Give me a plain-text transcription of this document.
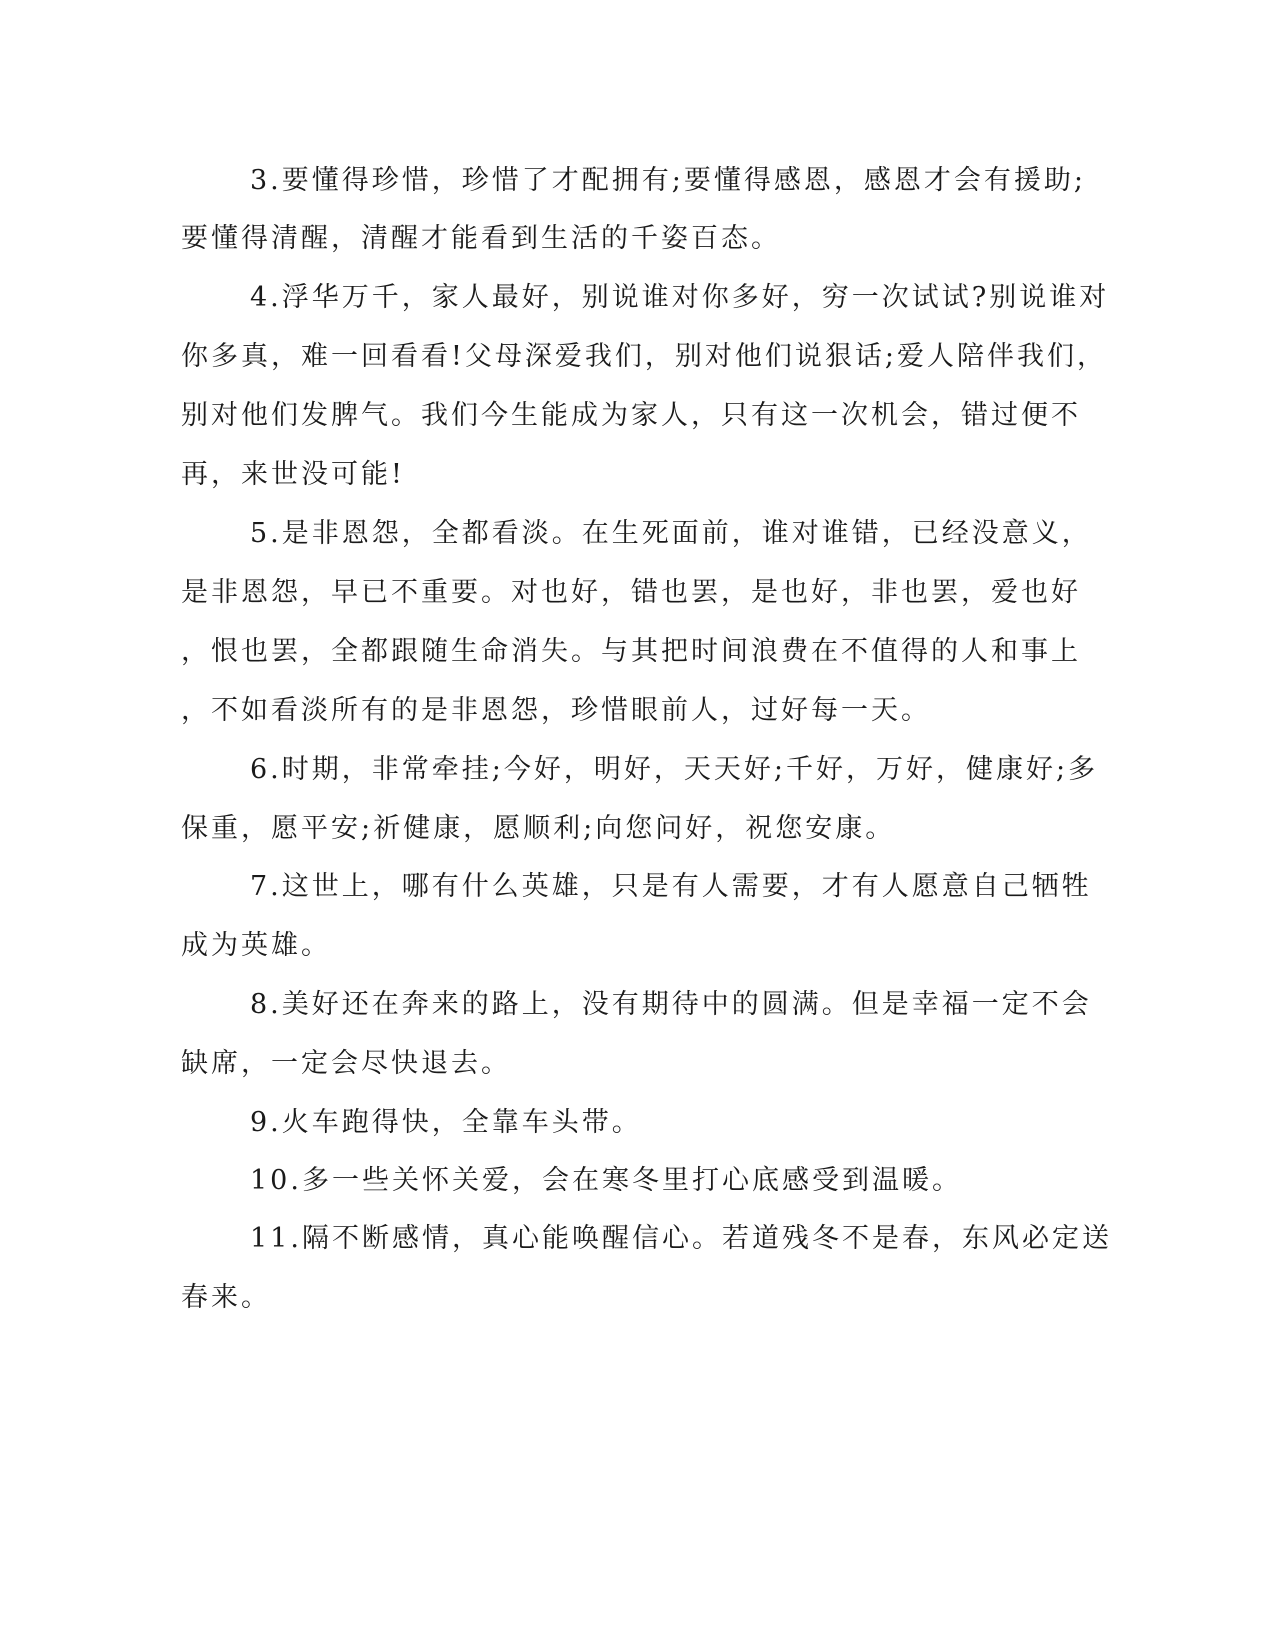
3.要懂得珍惜，珍惜了才配拥有;要懂得感恩，感恩才会有援助;
要懂得清醒，清醒才能看到生活的千姿百态。
4.浮华万千，家人最好，别说谁对你多好，穷一次试试?别说谁对
你多真，难一回看看!父母深爱我们，别对他们说狠话;爱人陪伴我们，
别对他们发脾气。我们今生能成为家人，只有这一次机会，错过便不
再，来世没可能!
5.是非恩怨，全都看淡。在生死面前，谁对谁错，已经没意义，
是非恩怨，早已不重要。对也好，错也罢，是也好，非也罢，爱也好
，恨也罢，全都跟随生命消失。与其把时间浪费在不值得的人和事上
，不如看淡所有的是非恩怨，珍惜眼前人，过好每一天。
6.时期，非常牵挂;今好，明好，天天好;千好，万好，健康好;多
保重，愿平安;祈健康，愿顺利;向您问好，祝您安康。
7.这世上，哪有什么英雄，只是有人需要，才有人愿意自己牺牲
成为英雄。
8.美好还在奔来的路上，没有期待中的圆满。但是幸福一定不会
缺席，一定会尽快退去。
9.火车跑得快，全靠车头带。
10.多一些关怀关爱，会在寒冬里打心底感受到温暖。
11.隔不断感情，真心能唤醒信心。若道残冬不是春，东风必定送
春来。
